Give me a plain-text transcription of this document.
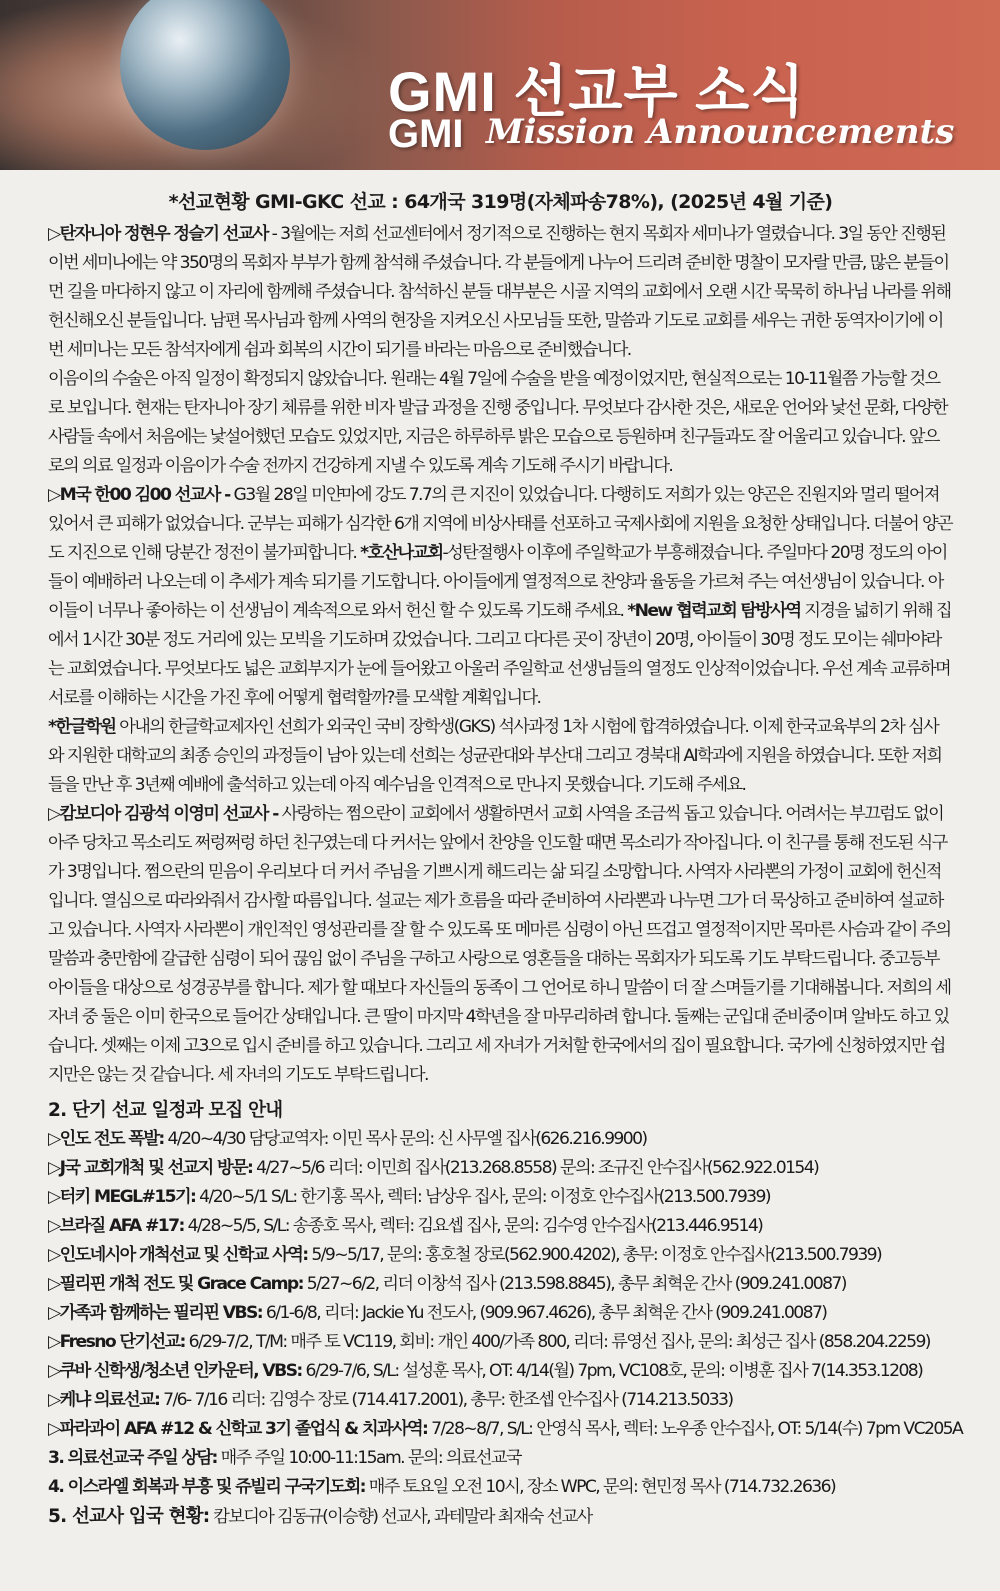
GMI 선교부 소식
GMI Mission Announcements
*선교현황 GMI-GKC 선교 : 64개국 319명(자체파송78%), (2025년 4월 기준)

▷탄자니아 정현우 정슬기 선교사 - 3월에는 저희 선교센터에서 정기적으로 진행하는 현지 목회자 세미나가 열렸습니다. 3일 동안 진행된 이번 세미나에는 약 350명의 목회자 부부가 함께 참석해 주셨습니다. 각 분들에게 나누어 드리려 준비한 명찰이 모자랄 만큼, 많은 분들이 먼 길을 마다하지 않고 이 자리에 함께해 주셨습니다. 참석하신 분들 대부분은 시골 지역의 교회에서 오랜 시간 묵묵히 하나님 나라를 위해 헌신해오신 분들입니다. 남편 목사님과 함께 사역의 현장을 지켜오신 사모님들 또한, 말씀과 기도로 교회를 세우는 귀한 동역자이기에 이번 세미나는 모든 참석자에게 쉼과 회복의 시간이 되기를 바라는 마음으로 준비했습니다.

이음이의 수술은 아직 일정이 확정되지 않았습니다. 원래는 4월 7일에 수술을 받을 예정이었지만, 현실적으로는 10-11월쯤 가능할 것으로 보입니다. 현재는 탄자니아 장기 체류를 위한 비자 발급 과정을 진행 중입니다. 무엇보다 감사한 것은, 새로운 언어와 낯선 문화, 다양한 사람들 속에서 처음에는 낯설어했던 모습도 있었지만, 지금은 하루하루 밝은 모습으로 등원하며 친구들과도 잘 어울리고 있습니다. 앞으로의 의료 일정과 이음이가 수술 전까지 건강하게 지낼 수 있도록 계속 기도해 주시기 바랍니다.

▷M국 한00 김00 선교사 - G3월 28일 미얀마에 강도 7.7의 큰 지진이 있었습니다. 다행히도 저희가 있는 양곤은 진원지와 멀리 떨어져 있어서 큰 피해가 없었습니다. 군부는 피해가 심각한 6개 지역에 비상사태를 선포하고 국제사회에 지원을 요청한 상태입니다. 더불어 양곤도 지진으로 인해 당분간 정전이 불가피합니다. *호산나교회-성탄절행사 이후에 주일학교가 부흥해졌습니다. 주일마다 20명 정도의 아이들이 예배하러 나오는데 이 추세가 계속 되기를 기도합니다. 아이들에게 열정적으로 찬양과 율동을 가르쳐 주는 여선생님이 있습니다. 아이들이 너무나 좋아하는 이 선생님이 계속적으로 와서 헌신 할 수 있도록 기도해 주세요. *New 협력교회 탐방사역 지경을 넓히기 위해 집에서 1시간 30분 정도 거리에 있는 모빅을 기도하며 갔었습니다. 그리고 다다른 곳이 장년이 20명, 아이들이 30명 정도 모이는 쉐마야라는 교회였습니다. 무엇보다도 넓은 교회부지가 눈에 들어왔고 아울러 주일학교 선생님들의 열정도 인상적이었습니다. 우선 계속 교류하며 서로를 이해하는 시간을 가진 후에 어떻게 협력할까?를 모색할 계획입니다.

*한글학원 아내의 한글학교제자인 선희가 외국인 국비 장학생(GKS) 석사과정 1차 시험에 합격하였습니다. 이제 한국교육부의 2차 심사와 지원한 대학교의 최종 승인의 과정들이 남아 있는데 선희는 성균관대와 부산대 그리고 경북대 AI학과에 지원을 하였습니다. 또한 저희들을 만난 후 3년째 예배에 출석하고 있는데 아직 예수님을 인격적으로 만나지 못했습니다. 기도해 주세요.

▷캄보디아 김광석 이영미 선교사 - 사랑하는 쩜으란이 교회에서 생활하면서 교회 사역을 조금씩 돕고 있습니다. 어려서는 부끄럼도 없이 아주 당차고 목소리도 쩌렁쩌렁 하던 친구였는데 다 커서는 앞에서 찬양을 인도할 때면 목소리가 작아집니다. 이 친구를 통해 전도된 식구가 3명입니다. 쩜으란의 믿음이 우리보다 더 커서 주님을 기쁘시게 해드리는 삶 되길 소망합니다. 사역자 사라뽄의 가정이 교회에 헌신적입니다. 열심으로 따라와줘서 감사할 따름입니다. 설교는 제가 흐름을 따라 준비하여 사라뽄과 나누면 그가 더 묵상하고 준비하여 설교하고 있습니다. 사역자 사라뽄이 개인적인 영성관리를 잘 할 수 있도록 또 메마른 심령이 아닌 뜨겁고 열정적이지만 목마른 사슴과 같이 주의 말씀과 충만함에 갈급한 심령이 되어 끊임 없이 주님을 구하고 사랑으로 영혼들을 대하는 목회자가 되도록 기도 부탁드립니다. 중고등부 아이들을 대상으로 성경공부를 합니다. 제가 할 때보다 자신들의 동족이 그 언어로 하니 말씀이 더 잘 스며들기를 기대해봅니다. 저희의 세 자녀 중 둘은 이미 한국으로 들어간 상태입니다. 큰 딸이 마지막 4학년을 잘 마무리하려 합니다. 둘째는 군입대 준비중이며 알바도 하고 있습니다. 셋째는 이제 고3으로 입시 준비를 하고 있습니다. 그리고 세 자녀가 거처할 한국에서의 집이 필요합니다. 국가에 신청하였지만 쉽지만은 않는 것 같습니다. 세 자녀의 기도도 부탁드립니다.

2. 단기 선교 일정과 모집 안내
▷인도 전도 폭발: 4/20~4/30 담당교역자: 이민 목사 문의: 신 사무엘 집사(626.216.9900)
▷J국 교회개척 및 선교지 방문: 4/27~5/6 리더: 이민희 집사(213.268.8558) 문의: 조규진 안수집사(562.922.0154)
▷터키 MEGL#15기: 4/20~5/1 S/L: 한기홍 목사, 렉터: 남상우 집사, 문의: 이정호 안수집사(213.500.7939)
▷브라질 AFA #17: 4/28~5/5, S/L: 송종호 목사, 렉터: 김요셉 집사, 문의: 김수영 안수집사(213.446.9514)
▷인도네시아 개척선교 및 신학교 사역: 5/9~5/17, 문의: 홍호철 장로(562.900.4202), 총무: 이정호 안수집사(213.500.7939)
▷필리핀 개척 전도 및 Grace Camp: 5/27~6/2, 리더 이창석 집사 (213.598.8845), 총무 최혁운 간사 (909.241.0087)
▷가족과 함께하는 필리핀 VBS: 6/1-6/8, 리더: Jackie Yu 전도사, (909.967.4626), 총무 최혁운 간사 (909.241.0087)
▷Fresno 단기선교: 6/29-7/2, T/M: 매주 토 VC119, 회비: 개인 400/가족 800, 리더: 류영선 집사, 문의: 최성근 집사 (858.204.2259)
▷쿠바 신학생/청소년 인카운터, VBS: 6/29-7/6, S/L: 설성훈 목사, OT: 4/14(월) 7pm, VC108호, 문의: 이병훈 집사 7(14.353.1208)
▷케냐 의료선교: 7/6- 7/16 리더: 김영수 장로 (714.417.2001), 총무: 한조셉 안수집사 (714.213.5033)
▷파라과이 AFA #12 & 신학교 3기 졸업식 & 치과사역: 7/28~8/7, S/L: 안영식 목사, 렉터: 노우종 안수집사, OT: 5/14(수) 7pm VC205A
3. 의료선교국 주일 상담: 매주 주일 10:00-11:15am. 문의: 의료선교국
4. 이스라엘 회복과 부흥 및 쥬빌리 구국기도회: 매주 토요일 오전 10시, 장소 WPC, 문의: 현민정 목사 (714.732.2636)
5. 선교사 입국 현황: 캄보디아 김동규(이승향) 선교사, 과테말라 최재숙 선교사
